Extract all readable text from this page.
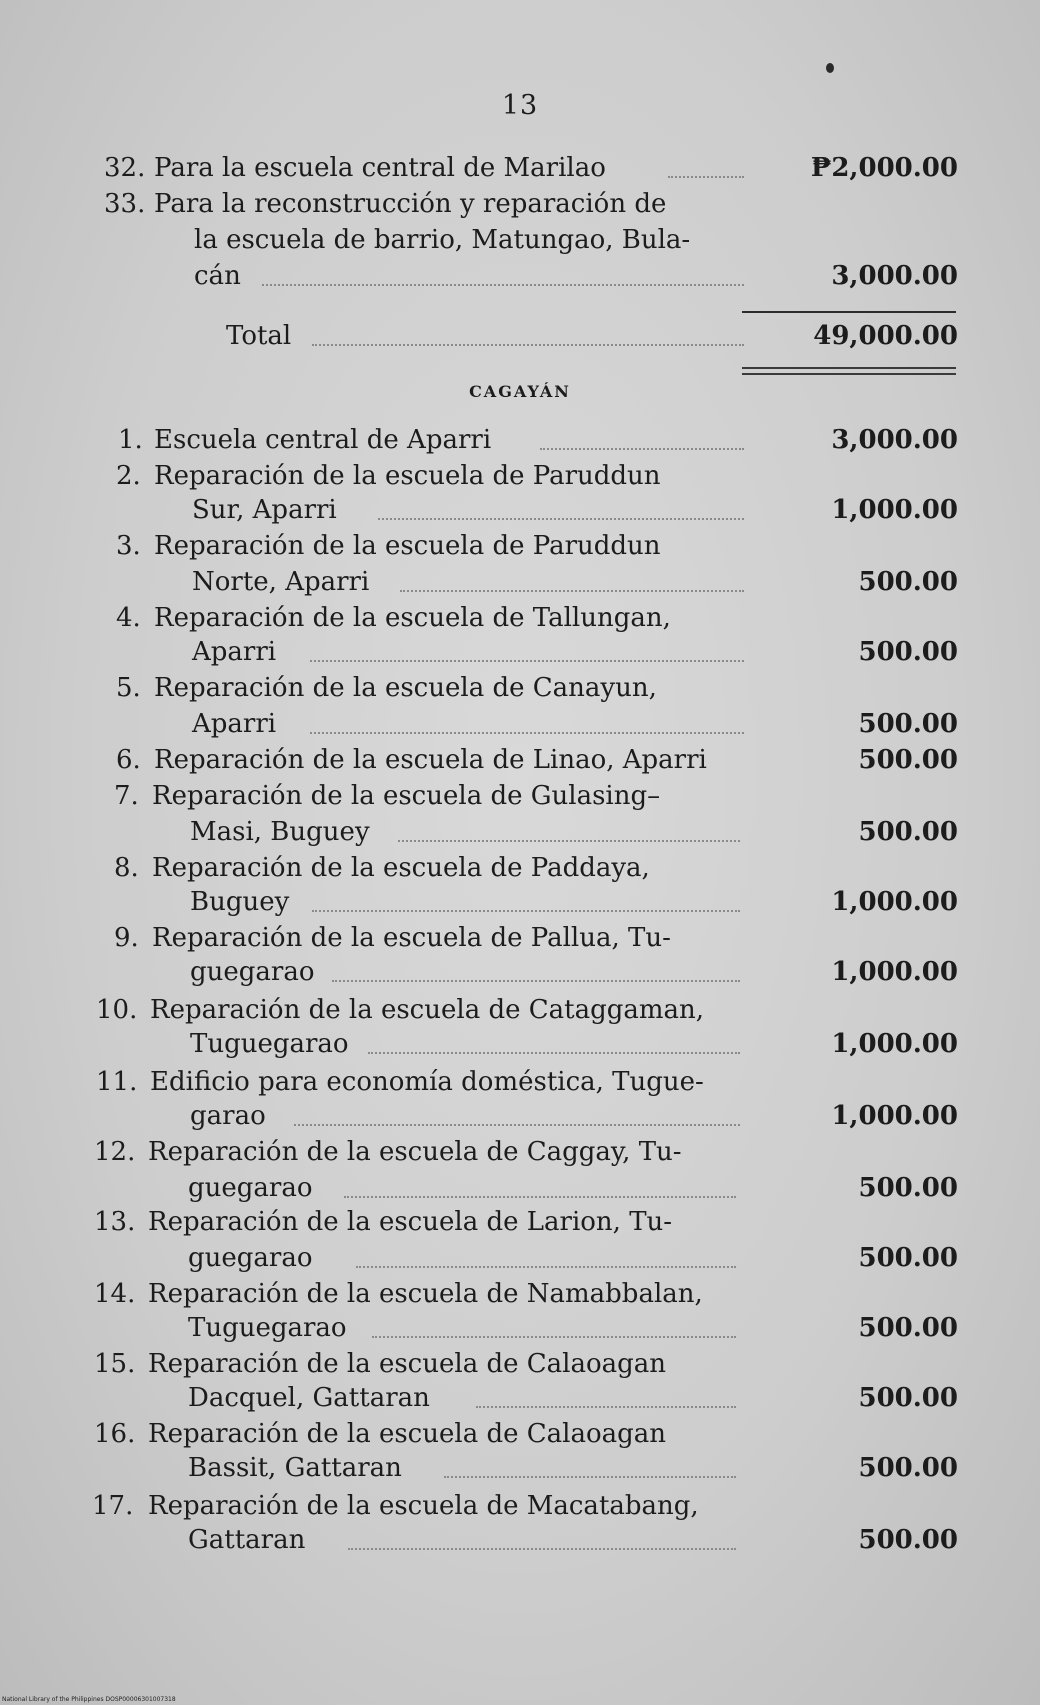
13
32. Para la escuela central de Marilao	₱2,000.00
33. Para la reconstrucción y reparación de
la escuela de barrio, Matungao, Bula-
cán	3,000.00
Total	49,000.00
CAGAYÁN
1. Escuela central de Aparri	3,000.00
2. Reparación de la escuela de Paruddun
Sur, Aparri	1,000.00
3. Reparación de la escuela de Paruddun
Norte, Aparri	500.00
4. Reparación de la escuela de Tallungan,
Aparri	500.00
5. Reparación de la escuela de Canayun,
Aparri	500.00
6. Reparación de la escuela de Linao, Aparri	500.00
7. Reparación de la escuela de Gulasing–
Masi, Buguey	500.00
8. Reparación de la escuela de Paddaya,
Buguey	1,000.00
9. Reparación de la escuela de Pallua, Tu-
guegarao	1,000.00
10. Reparación de la escuela de Cataggaman,
Tuguegarao	1,000.00
11. Edificio para economía doméstica, Tugue-
garao	1,000.00
12. Reparación de la escuela de Caggay, Tu-
guegarao	500.00
13. Reparación de la escuela de Larion, Tu-
guegarao	500.00
14. Reparación de la escuela de Namabbalan,
Tuguegarao	500.00
15. Reparación de la escuela de Calaoagan
Dacquel, Gattaran	500.00
16. Reparación de la escuela de Calaoagan
Bassit, Gattaran	500.00
17. Reparación de la escuela de Macatabang,
Gattaran	500.00
National Library of the Philippines DOSP00006301007318
